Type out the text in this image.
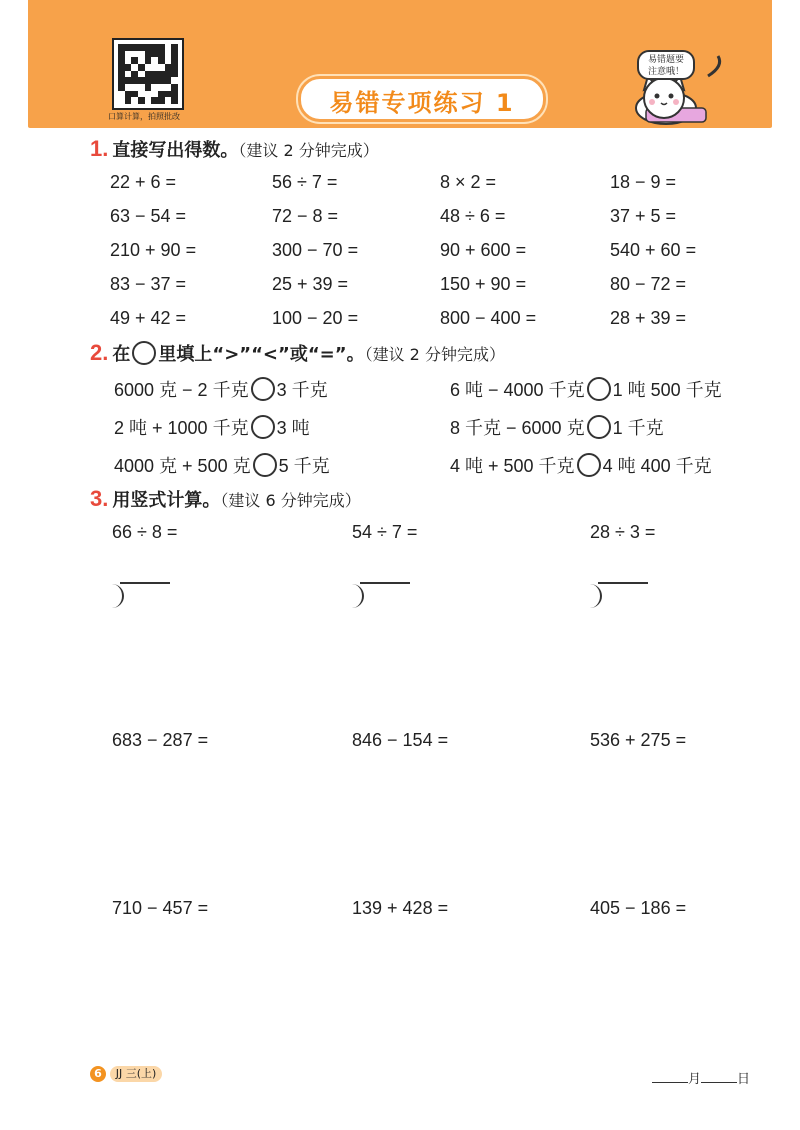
口算计算，拍照批改	易错专项练习 1
易错题要
注意哦！
1. 直接写出得数。（建议 2 分钟完成）
22 + 6 =	56 ÷ 7 =	8 × 2 =	18 − 9 =
63 − 54 =	72 − 8 =	48 ÷ 6 =	37 + 5 =
210 + 90 =	300 − 70 =	90 + 600 =	540 + 60 =
83 − 37 =	25 + 39 =	150 + 90 =	80 − 72 =
49 + 42 =	100 − 20 =	800 − 400 =	28 + 39 =
2. 在 里填上“>”“<”或“=”。（建议 2 分钟完成）
6000 克 − 2 千克 3 千克	6 吨 − 4000 千克 1 吨 500 千克
2 吨 + 1000 千克 3 吨	8 千克 − 6000 克 1 千克
4000 克 + 500 克 5 千克	4 吨 + 500 千克 4 吨 400 千克
3. 用竖式计算。（建议 6 分钟完成）
66 ÷ 8 =	54 ÷ 7 =	28 ÷ 3 =
683 − 287 =	846 − 154 =	536 + 275 =
710 − 457 =	139 + 428 =	405 − 186 =
6	JJ 三(上)	月	日
